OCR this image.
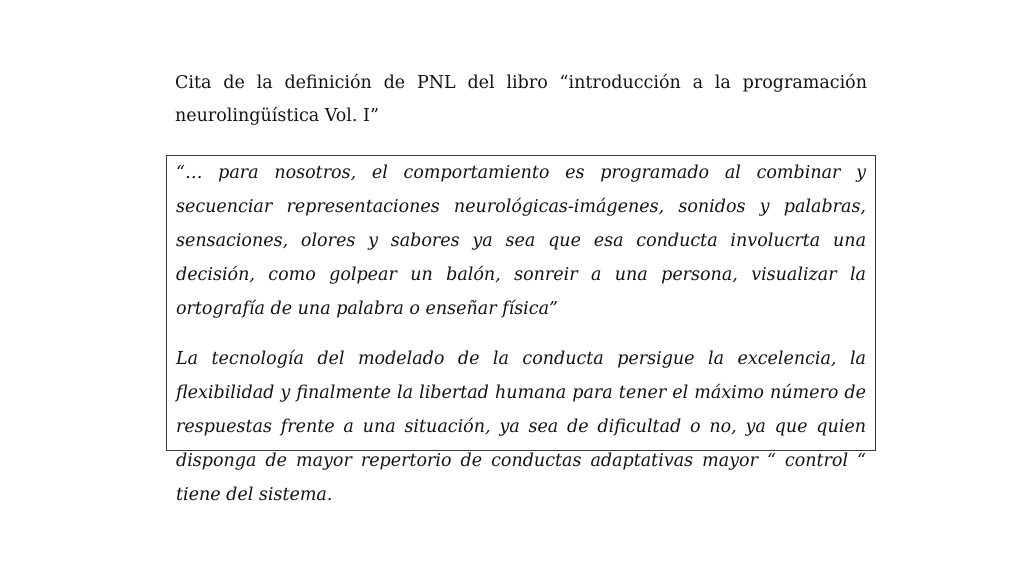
Cita de la definición de PNL del libro “introducción a la programación neurolingüística Vol. I”

“… para nosotros, el comportamiento es programado al combinar y secuenciar representaciones neurológicas-imágenes, sonidos y palabras, sensaciones, olores y sabores ya sea que esa conducta involucrta una decisión, como golpear un balón, sonreir a una persona, visualizar la ortografía de una palabra o enseñar física”

La tecnología del modelado de la conducta persigue la excelencia, la flexibilidad y finalmente la libertad humana para tener el máximo número de respuestas frente a una situación, ya sea de dificultad o no, ya que quien disponga de mayor repertorio de conductas adaptativas mayor “ control “ tiene del sistema.
